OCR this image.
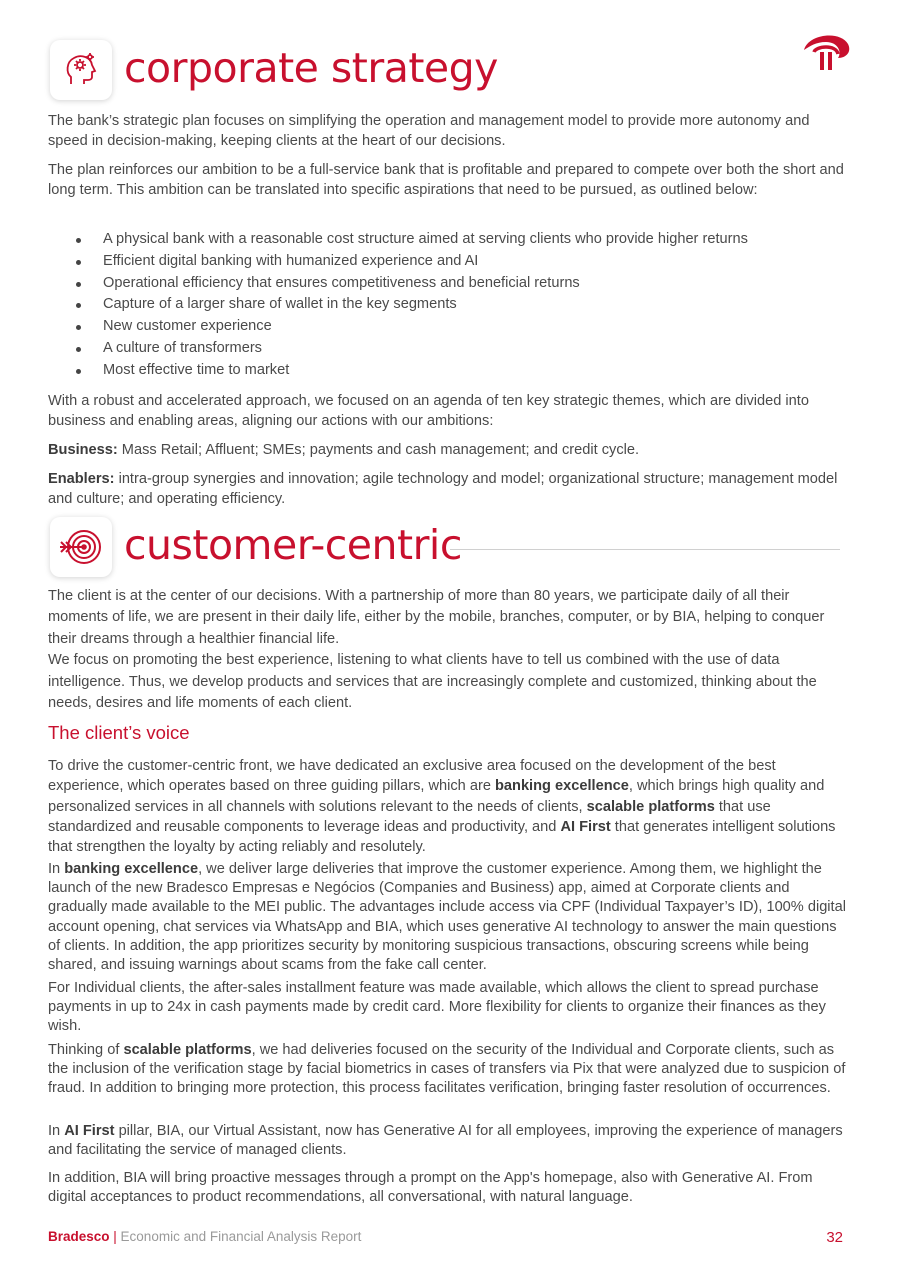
corporate strategy

The bank’s strategic plan focuses on simplifying the operation and management model to provide more autonomy and speed in decision-making, keeping clients at the heart of our decisions.

The plan reinforces our ambition to be a full-service bank that is profitable and prepared to compete over both the short and long term. This ambition can be translated into specific aspirations that need to be pursued, as outlined below:

A physical bank with a reasonable cost structure aimed at serving clients who provide higher returns
Efficient digital banking with humanized experience and AI
Operational efficiency that ensures competitiveness and beneficial returns
Capture of a larger share of wallet in the key segments
New customer experience
A culture of transformers
Most effective time to market

With a robust and accelerated approach, we focused on an agenda of ten key strategic themes, which are divided into business and enabling areas, aligning our actions with our ambitions:

Business: Mass Retail; Affluent; SMEs; payments and cash management; and credit cycle.

Enablers: intra-group synergies and innovation; agile technology and model; organizational structure; management model and culture; and operating efficiency.

customer-centric

The client is at the center of our decisions. With a partnership of more than 80 years, we participate daily of all their moments of life, we are present in their daily life, either by the mobile, branches, computer, or by BIA, helping to conquer their dreams through a healthier financial life.

We focus on promoting the best experience, listening to what clients have to tell us combined with the use of data intelligence. Thus, we develop products and services that are increasingly complete and customized, thinking about the needs, desires and life moments of each client.

The client’s voice

To drive the customer-centric front, we have dedicated an exclusive area focused on the development of the best experience, which operates based on three guiding pillars, which are banking excellence, which brings high quality and personalized services in all channels with solutions relevant to the needs of clients, scalable platforms that use standardized and reusable components to leverage ideas and productivity, and AI First that generates intelligent solutions that strengthen the loyalty by acting reliably and resolutely.

In banking excellence, we deliver large deliveries that improve the customer experience. Among them, we highlight the launch of the new Bradesco Empresas e Negócios (Companies and Business) app, aimed at Corporate clients and gradually made available to the MEI public. The advantages include access via CPF (Individual Taxpayer’s ID), 100% digital account opening, chat services via WhatsApp and BIA, which uses generative AI technology to answer the main questions of clients. In addition, the app prioritizes security by monitoring suspicious transactions, obscuring screens while being shared, and issuing warnings about scams from the fake call center.

For Individual clients, the after-sales installment feature was made available, which allows the client to spread purchase payments in up to 24x in cash payments made by credit card. More flexibility for clients to organize their finances as they wish.

Thinking of scalable platforms, we had deliveries focused on the security of the Individual and Corporate clients, such as the inclusion of the verification stage by facial biometrics in cases of transfers via Pix that were analyzed due to suspicion of fraud. In addition to bringing more protection, this process facilitates verification, bringing faster resolution of occurrences.

In AI First pillar, BIA, our Virtual Assistant, now has Generative AI for all employees, improving the experience of managers and facilitating the service of managed clients.

In addition, BIA will bring proactive messages through a prompt on the App's homepage, also with Generative AI. From digital acceptances to product recommendations, all conversational, with natural language.

Bradesco | Economic and Financial Analysis Report	32
